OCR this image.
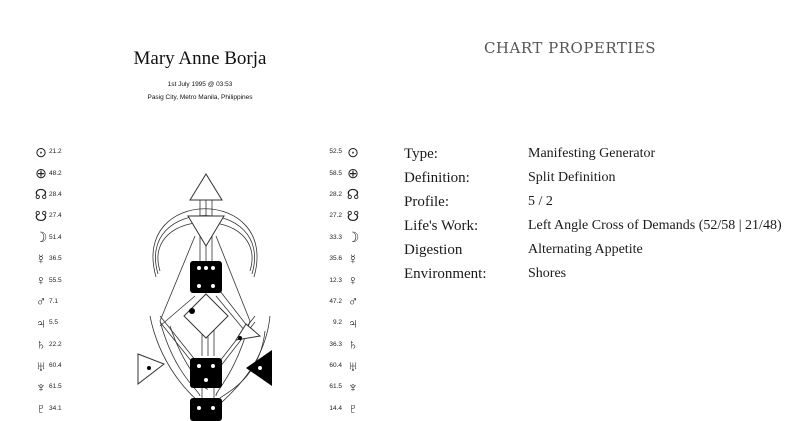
Mary Anne Borja
1st July 1995 @ 03:53
Pasig City, Metro Manila, Philippines
⊙ 21.2
⊕ 48.2
☊ 28.4
☋ 27.4
☽ 51.4
☿ 36.5
♀ 55.5
♂ 7.1
♃ 5.5
♄ 22.2
♅ 60.4
♆ 61.5
♇ 34.1
52.5 ⊙
58.5 ⊕
28.2 ☊
27.2 ☋
33.3 ☽
35.6 ☿
12.3 ♀
47.2 ♂
9.2 ♃
36.3 ♄
60.4 ♅
61.5 ♆
14.4 ♇
CHART PROPERTIES
Type:	Manifesting Generator
Definition:	Split Definition
Profile:	5 / 2
Life's Work:	Left Angle Cross of Demands (52/58 | 21/48)
Digestion	Alternating Appetite
Environment:	Shores
